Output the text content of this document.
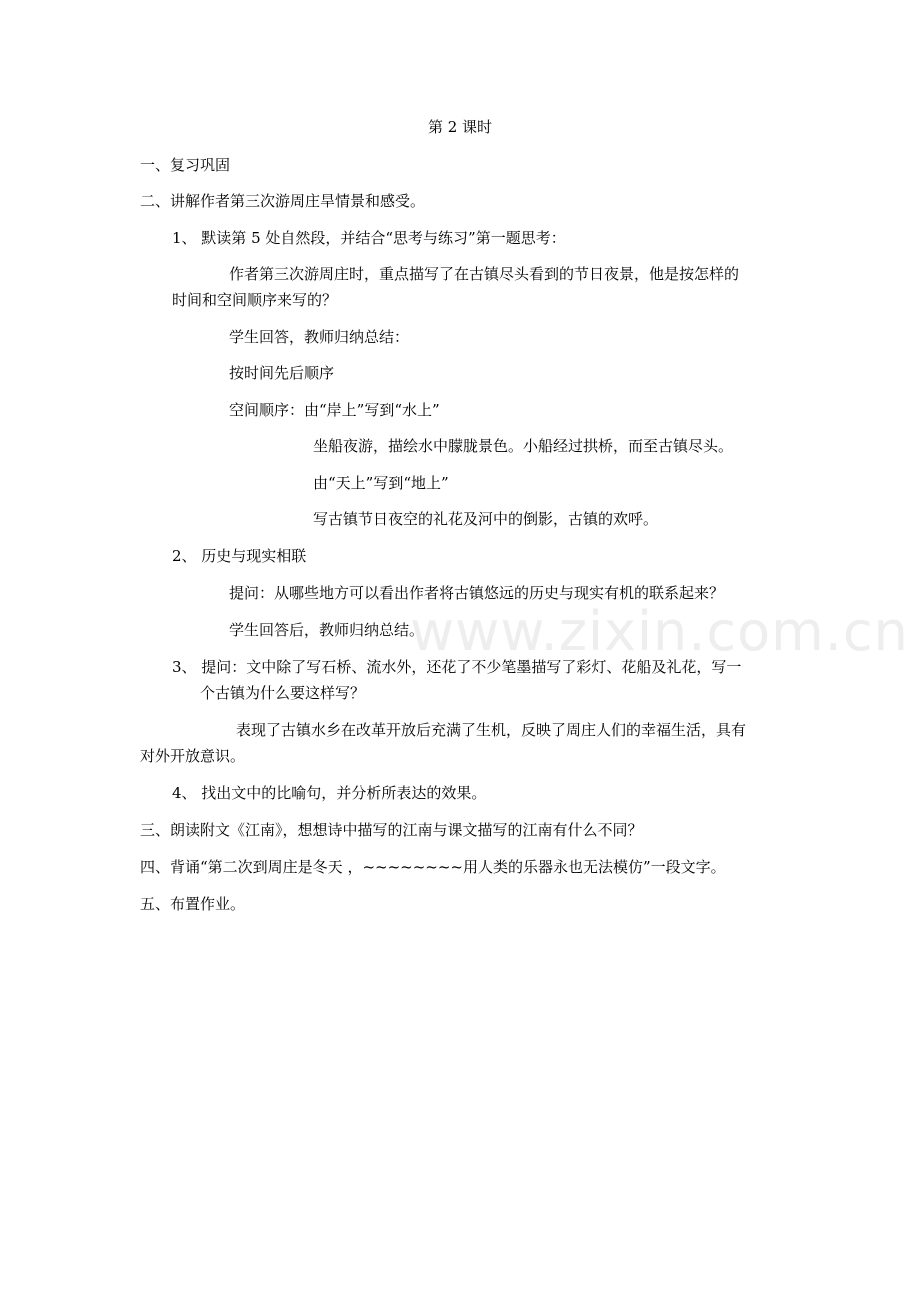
第 2 课时
一、复习巩固
二、讲解作者第三次游周庄旱情景和感受。
1、 默读第 5 处自然段，并结合“思考与练习”第一题思考：
作者第三次游周庄时，重点描写了在古镇尽头看到的节日夜景，他是按怎样的
时间和空间顺序来写的？
学生回答，教师归纳总结：
按时间先后顺序
空间顺序：由“岸上”写到“水上”
坐船夜游，描绘水中朦胧景色。小船经过拱桥，而至古镇尽头。
由“天上”写到“地上”
写古镇节日夜空的礼花及河中的倒影，古镇的欢呼。
2、 历史与现实相联
提问：从哪些地方可以看出作者将古镇悠远的历史与现实有机的联系起来？
学生回答后，教师归纳总结。
3、 提问：文中除了写石桥、流水外，还花了不少笔墨描写了彩灯、花船及礼花，写一
个古镇为什么要这样写？
表现了古镇水乡在改革开放后充满了生机，反映了周庄人们的幸福生活，具有
对外开放意识。
4、 找出文中的比喻句，并分析所表达的效果。
三、朗读附文《江南》，想想诗中描写的江南与课文描写的江南有什么不同？
四、背诵“第二次到周庄是冬天 ，~~~~~~~~用人类的乐器永也无法模仿”一段文字。
五、布置作业。
www.zixin.com.cn
